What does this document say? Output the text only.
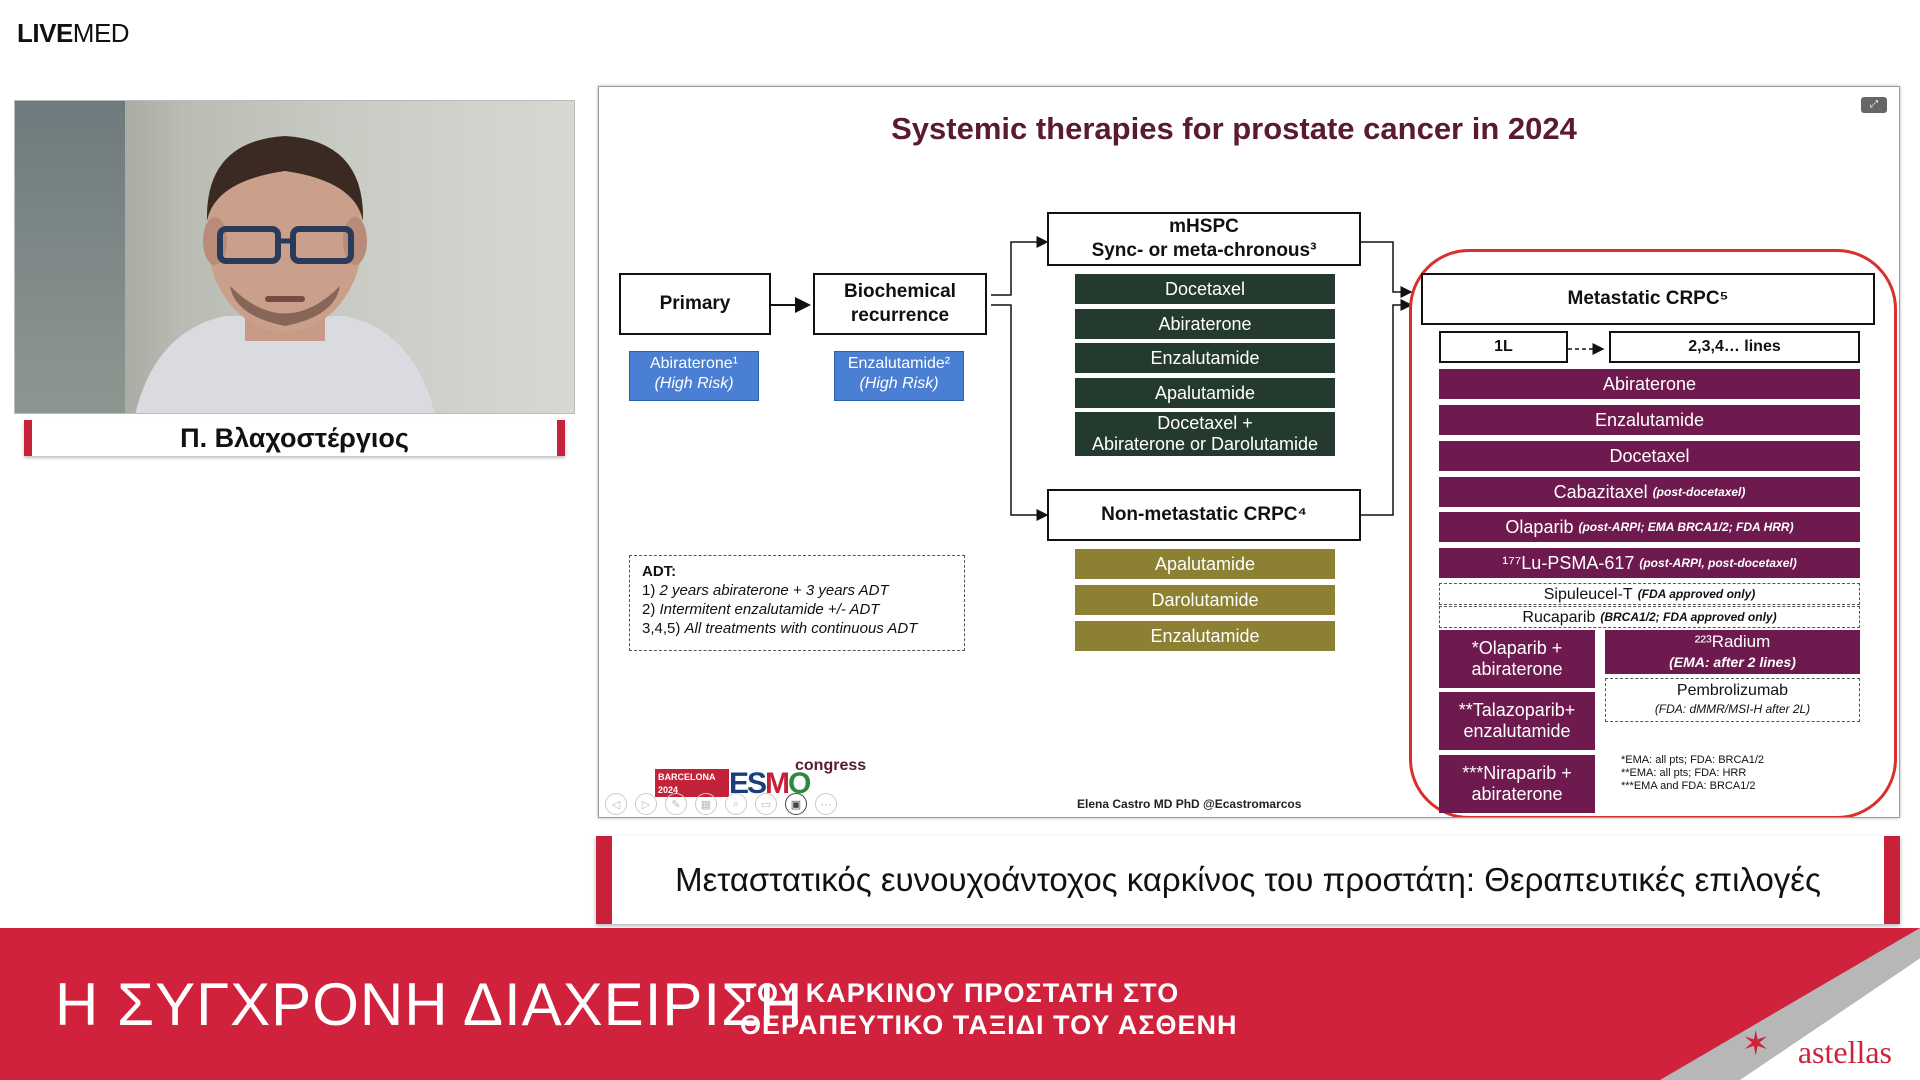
LIVEMED
Π. Βλαχοστέργιος
Systemic therapies for prostate cancer in 2024
⤢
Primary
Abiraterone¹
(High Risk)
Biochemical
recurrence
Enzalutamide²
(High Risk)
mHSPC
Sync- or meta-chronous³
Docetaxel
Abiraterone
Enzalutamide
Apalutamide
Docetaxel +
Abiraterone or Darolutamide
Non-metastatic CRPC⁴
Apalutamide
Darolutamide
Enzalutamide
ADT:
1) 2 years abiraterone + 3 years ADT
2) Intermitent enzalutamide +/- ADT
3,4,5) All treatments with continuous ADT
Metastatic CRPC⁵
1L	2,3,4… lines
Abiraterone
Enzalutamide
Docetaxel
Cabazitaxel (post-docetaxel)
Olaparib (post-ARPI; EMA BRCA1/2; FDA HRR)
¹⁷⁷Lu-PSMA-617 (post-ARPI, post-docetaxel)
Sipuleucel-T (FDA approved only)
Rucaparib (BRCA1/2; FDA approved only)
*Olaparib +
abiraterone
**Talazoparib+
enzalutamide
***Niraparib +
abiraterone
²²³Radium
(EMA: after 2 lines)
Pembrolizumab
(FDA: dMMR/MSI-H after 2L)
*EMA: all pts; FDA: BRCA1/2
**EMA: all pts; FDA: HRR
***EMA and FDA: BRCA1/2
BARCELONA
2024	ESMO
congress
◁	▷	✎	▦	⌕	▭	▣	⋯	Elena Castro MD PhD @Ecastromarcos
Μεταστατικός ευνουχοάντοχος καρκίνος του προστάτη: Θεραπευτικές επιλογές
Η ΣΥΓΧΡΟΝΗ ΔΙΑΧΕΙΡΙΣΗ
ΤΟΥ ΚΑΡΚΙΝΟΥ ΠΡΟΣΤΑΤΗ ΣΤΟ
ΘΕΡΑΠΕΥΤΙΚΟ ΤΑΞΙΔΙ ΤΟΥ ΑΣΘΕΝΗ	✶ astellas
